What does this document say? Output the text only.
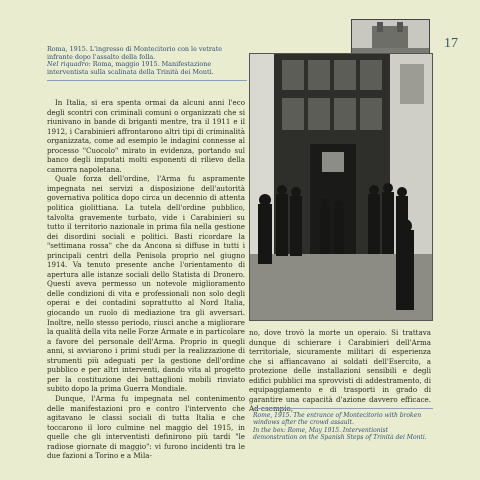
17
Roma, 1915. L'ingresso di Montecitorio con le vetrate infrante dopo l'assalto della folla.
Nel riquadro: Roma, maggio 1915. Manifestazione interventista sulla scalinata della Trinità dei Monti.

In Italia, si era spenta ormai da alcuni anni l'eco degli scontri con criminali comuni o organizzati che si riunivano in bande di briganti mentre, tra il 1911 e il 1912, i Carabinieri affrontarono altri tipi di criminalità organizzata, come ad esempio le indagini connesse al processo "Cuocolo" mirato in evidenza, portando sul banco degli imputati molti esponenti di rilievo della camorra napoletana.

Quale forza dell'ordine, l'Arma fu aspramente impegnata nei servizi a disposizione dell'autorità governativa politica dopo circa un decennio di attenta politica giolittiana. La tutela dell'ordine pubblico, talvolta gravemente turbato, vide i Carabinieri su tutto il territorio nazionale in prima fila nella gestione dei disordini sociali e politici. Basti ricordare la "settimana rossa" che da Ancona si diffuse in tutti i principali centri della Penisola proprio nel giugno 1914. Va tenuto presente anche l'orientamento di apertura alle istanze sociali dello Statista di Dronero. Questi aveva permesso un notevole miglioramento delle condizioni di vita e professionali non solo degli operai e dei contadini soprattutto al Nord Italia, giocando un ruolo di mediazione tra gli avversari. Inoltre, nello stesso periodo, riuscì anche a migliorare la qualità della vita nelle Forze Armate e in particolare a favore del personale dell'Arma. Proprio in quegli anni, si avviarono i primi studi per la realizzazione di strumenti più adeguati per la gestione dell'ordine pubblico e per altri interventi, dando vita al progetto per la costituzione dei battaglioni mobili rinviato subito dopo la prima Guerra Mondiale.

Dunque, l'Arma fu impegnata nel contenimento delle manifestazioni pro e contro l'intervento che agitavano le classi sociali di tutta Italia e che toccarono il loro culmine nel maggio del 1915, in quelle che gli interventisti definirono più tardi "le radiose giornate di maggio": vi furono incidenti tra le due fazioni a Torino e a Mila-

no, dove trovò la morte un operaio. Si trattava dunque di schierare i Carabinieri dell'Arma territoriale, sicuramente militari di esperienza che si affiancavano ai soldati dell'Esercito, a protezione delle installazioni sensibili e degli edifici pubblici ma sprovvisti di addestramento, di equipaggiamento e di trasporti in grado di garantire una capacità d'azione davvero efficace. Ad esempio,

Rome, 1915. The entrance of Montecitorio with broken windows after the crowd assault.
In the box: Rome, May 1915. Interventionist demonstration on the Spanish Steps of Trinità dei Monti.
